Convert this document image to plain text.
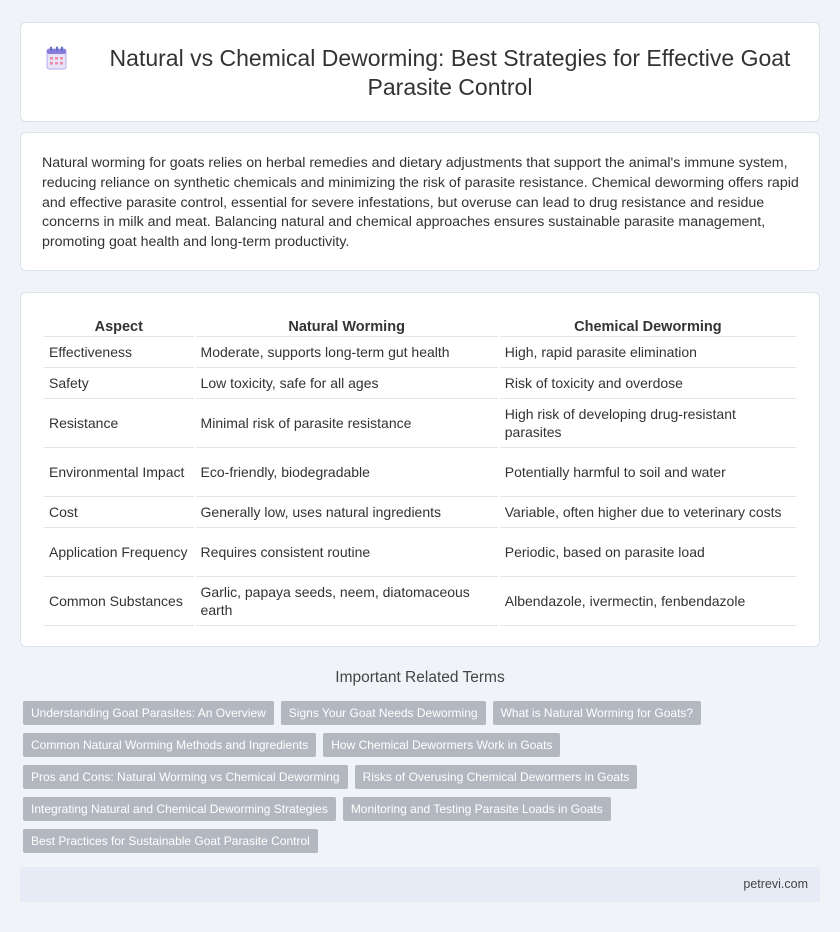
Natural vs Chemical Deworming: Best Strategies for Effective Goat Parasite Control

Natural worming for goats relies on herbal remedies and dietary adjustments that support the animal's immune system, reducing reliance on synthetic chemicals and minimizing the risk of parasite resistance. Chemical deworming offers rapid and effective parasite control, essential for severe infestations, but overuse can lead to drug resistance and residue concerns in milk and meat. Balancing natural and chemical approaches ensures sustainable parasite management, promoting goat health and long-term productivity.

Aspect	Natural Worming	Chemical Deworming
Effectiveness	Moderate, supports long-term gut health	High, rapid parasite elimination
Safety	Low toxicity, safe for all ages	Risk of toxicity and overdose
Resistance	Minimal risk of parasite resistance	High risk of developing drug-resistant parasites
Environmental Impact	Eco-friendly, biodegradable	Potentially harmful to soil and water
Cost	Generally low, uses natural ingredients	Variable, often higher due to veterinary costs
Application Frequency	Requires consistent routine	Periodic, based on parasite load
Common Substances	Garlic, papaya seeds, neem, diatomaceous earth	Albendazole, ivermectin, fenbendazole
Important Related Terms
Understanding Goat Parasites: An Overview	Signs Your Goat Needs Deworming	What is Natural Worming for Goats?
Common Natural Worming Methods and Ingredients	How Chemical Dewormers Work in Goats
Pros and Cons: Natural Worming vs Chemical Deworming	Risks of Overusing Chemical Dewormers in Goats
Integrating Natural and Chemical Deworming Strategies	Monitoring and Testing Parasite Loads in Goats
Best Practices for Sustainable Goat Parasite Control
petrevi.com
